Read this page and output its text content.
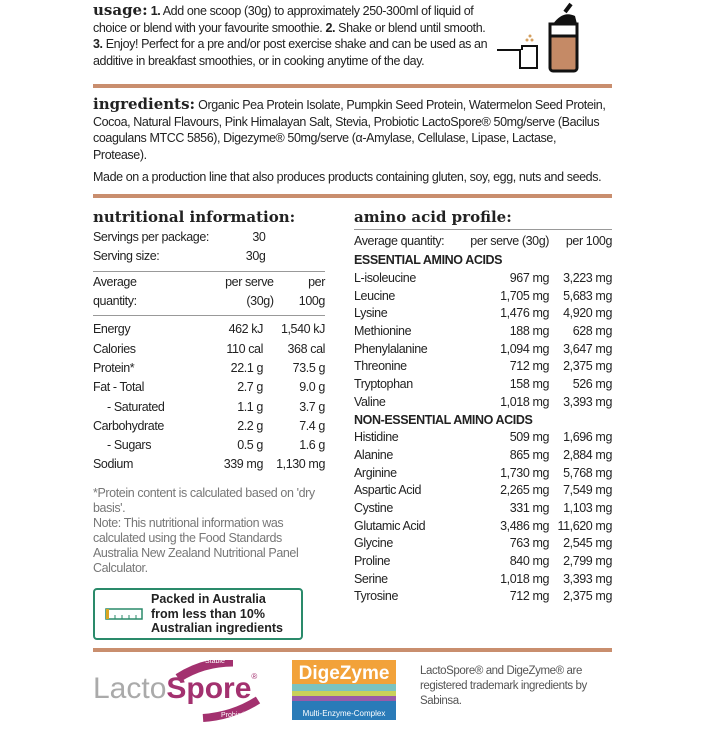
usage: 1. Add one scoop (30g) to approximately 250-300ml of liquid of choice or blend with your favourite smoothie. 2. Shake or blend until smooth. 3. Enjoy! Perfect for a pre and/or post exercise shake and can be used as an additive in breakfast smoothies, or in cooking anytime of the day.
ingredients: Organic Pea Protein Isolate, Pumpkin Seed Protein, Watermelon Seed Protein, Cocoa, Natural Flavours, Pink Himalayan Salt, Stevia, Probiotic LactoSpore® 50mg/serve (Bacilus coagulans MTCC 5856), Digezyme® 50mg/serve (α-Amylase, Cellulase, Lipase, Lactase, Protease).
Made on a production line that also produces products containing gluten, soy, egg, nuts and seeds.
nutritional information:
Servings per package:	30	
Serving size:	30g	
Average	per serve	per
quantity:	(30g)	100g
Energy	462 kJ	1,540 kJ
Calories	110 cal	368 cal
Protein*	22.1 g	73.5 g
Fat - Total	2.7 g	9.0 g
- Saturated	1.1 g	3.7 g
Carbohydrate	2.2 g	7.4 g
- Sugars	0.5 g	1.6 g
Sodium	339 mg	1,130 mg
*Protein content is calculated based on 'dry basis'.
Note: This nutritional information was calculated using the Food Standards Australia New Zealand Nutritional Panel Calculator.
Packed in Australia
from less than 10%
Australian ingredients
amino acid profile:
Average quantity:	per serve (30g)	per 100g
ESSENTIAL AMINO ACIDS		
L-isoleucine	967 mg	3,223 mg
Leucine	1,705 mg	5,683 mg
Lysine	1,476 mg	4,920 mg
Methionine	188 mg	628 mg
Phenylalanine	1,094 mg	3,647 mg
Threonine	712 mg	2,375 mg
Tryptophan	158 mg	526 mg
Valine	1,018 mg	3,393 mg
NON-ESSENTIAL AMINO ACIDS		
Histidine	509 mg	1,696 mg
Alanine	865 mg	2,884 mg
Arginine	1,730 mg	5,768 mg
Aspartic Acid	2,265 mg	7,549 mg
Cystine	331 mg	1,103 mg
Glutamic Acid	3,486 mg	11,620 mg
Glycine	763 mg	2,545 mg
Proline	840 mg	2,799 mg
Serine	1,018 mg	3,393 mg
Tyrosine	712 mg	2,375 mg
LactoSpore®
Stable
Probiotic
DigeZyme
Multi-Enzyme-Complex
LactoSpore® and DigeZyme® are registered trademark ingredients by Sabinsa.
